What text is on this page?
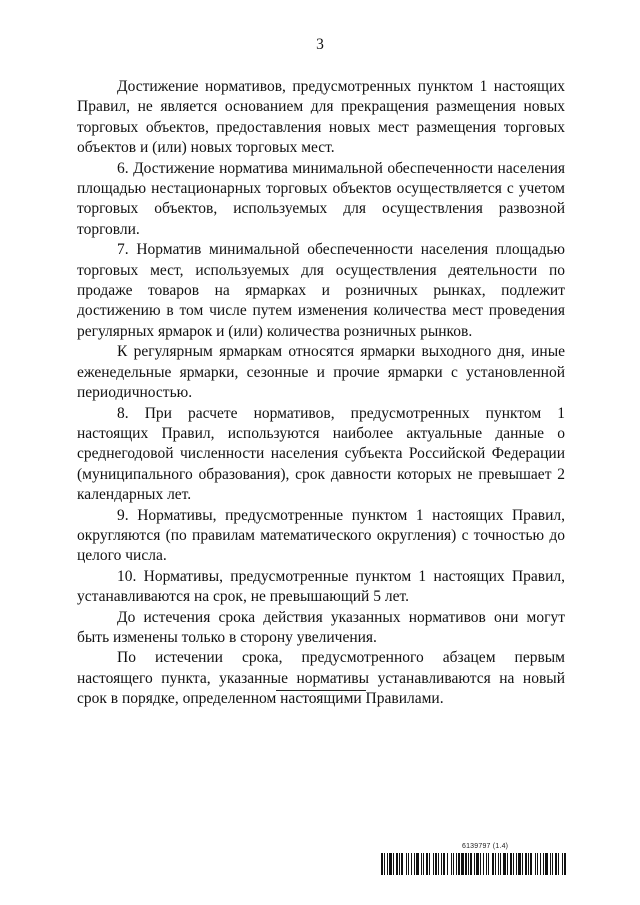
3

Достижение нормативов, предусмотренных пунктом 1 настоящих Правил, не является основанием для прекращения размещения новых торговых объектов, предоставления новых мест размещения торговых объектов и (или) новых торговых мест.

6. Достижение норматива минимальной обеспеченности населения площадью нестационарных торговых объектов осуществляется с учетом торговых объектов, используемых для осуществления развозной торговли.

7. Норматив минимальной обеспеченности населения площадью торговых мест, используемых для осуществления деятельности по продаже товаров на ярмарках и розничных рынках, подлежит достижению в том числе путем изменения количества мест проведения регулярных ярмарок и (или) количества розничных рынков.

К регулярным ярмаркам относятся ярмарки выходного дня, иные еженедельные ярмарки, сезонные и прочие ярмарки с установленной периодичностью.

8. При расчете нормативов, предусмотренных пунктом 1 настоящих Правил, используются наиболее актуальные данные о среднегодовой численности населения субъекта Российской Федерации (муниципального образования), срок давности которых не превышает 2 календарных лет.

9. Нормативы, предусмотренные пунктом 1 настоящих Правил, округляются (по правилам математического округления) с точностью до целого числа.

10. Нормативы, предусмотренные пунктом 1 настоящих Правил, устанавливаются на срок, не превышающий 5 лет.

До истечения срока действия указанных нормативов они могут быть изменены только в сторону увеличения.

По истечении срока, предусмотренного абзацем первым настоящего пункта, указанные нормативы устанавливаются на новый срок в порядке, определенном настоящими Правилами.

6139797 (1.4)
